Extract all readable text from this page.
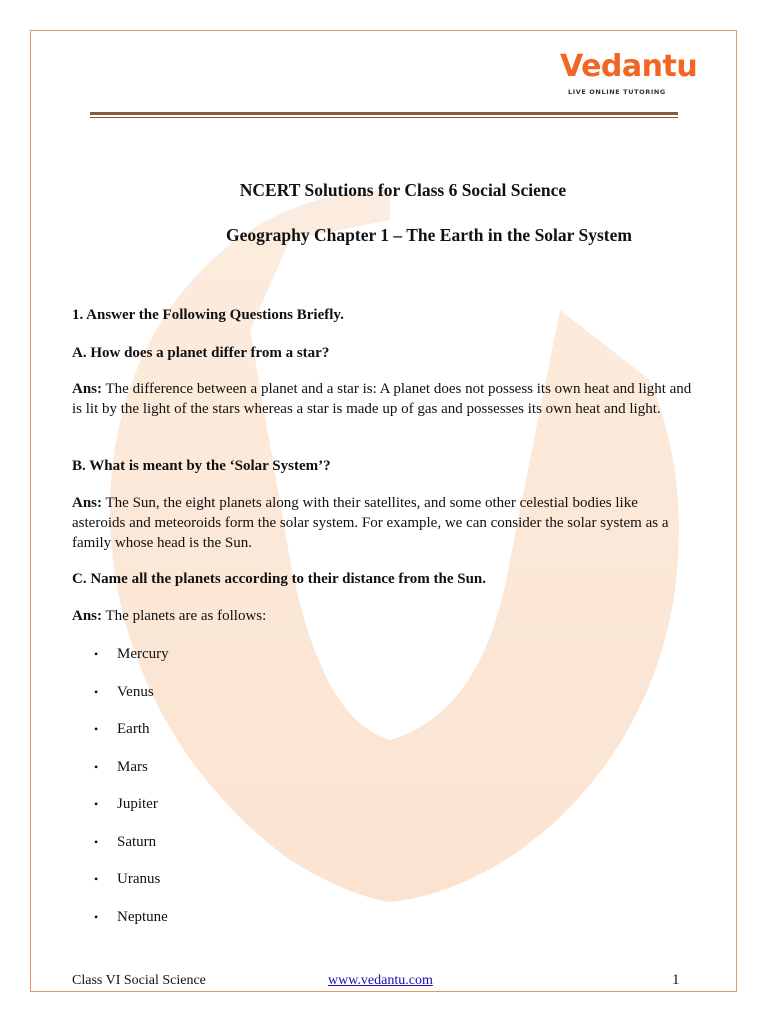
Vedantu
LIVE ONLINE TUTORING
NCERT Solutions for Class 6 Social Science
Geography Chapter 1 – The Earth in the Solar System
1. Answer the Following Questions Briefly.
A. How does a planet differ from a star?
Ans: The difference between a planet and a star is: A planet does not possess its own heat and light and is lit by the light of the stars whereas a star is made up of gas and possesses its own heat and light.
B. What is meant by the ‘Solar System’?
Ans: The Sun, the eight planets along with their satellites, and some other celestial bodies like asteroids and meteoroids form the solar system. For example, we can consider the solar system as a family whose head is the Sun.
C. Name all the planets according to their distance from the Sun.
Ans: The planets are as follows:
• Mercury
• Venus
• Earth
• Mars
• Jupiter
• Saturn
• Uranus
• Neptune
Class VI Social Science	www.vedantu.com	1
